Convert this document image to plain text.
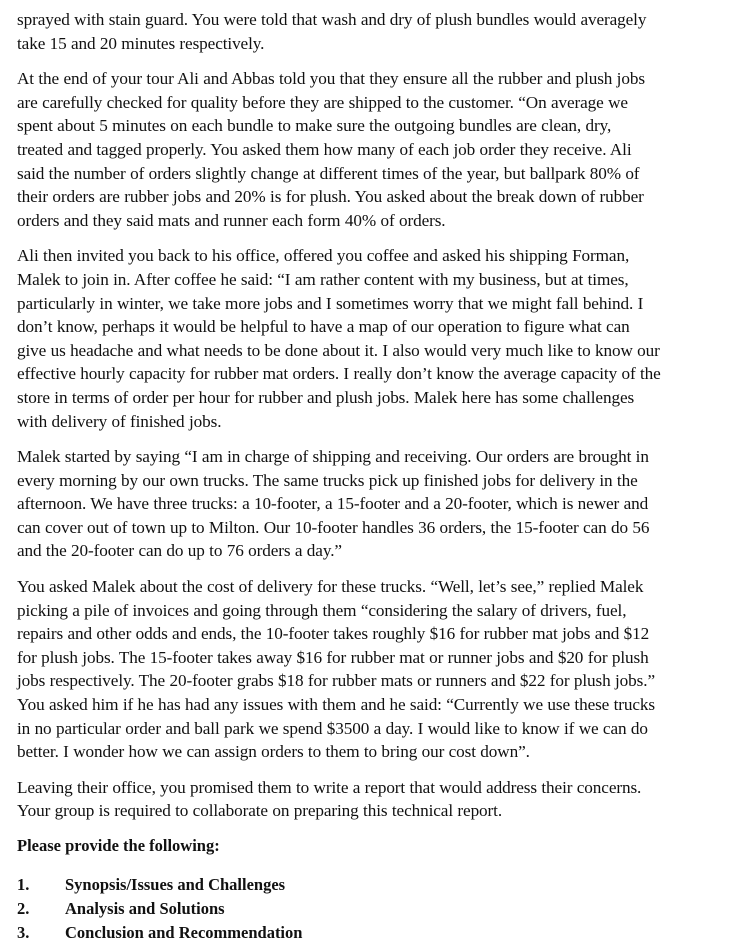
sprayed with stain guard. You were told that wash and dry of plush bundles would averagely
take 15 and 20 minutes respectively.

At the end of your tour Ali and Abbas told you that they ensure all the rubber and plush jobs
are carefully checked for quality before they are shipped to the customer. “On average we
spent about 5 minutes on each bundle to make sure the outgoing bundles are clean, dry,
treated and tagged properly. You asked them how many of each job order they receive. Ali
said the number of orders slightly change at different times of the year, but ballpark 80% of
their orders are rubber jobs and 20% is for plush. You asked about the break down of rubber
orders and they said mats and runner each form 40% of orders.

Ali then invited you back to his office, offered you coffee and asked his shipping Forman,
Malek to join in. After coffee he said: “I am rather content with my business, but at times,
particularly in winter, we take more jobs and I sometimes worry that we might fall behind. I
don’t know, perhaps it would be helpful to have a map of our operation to figure what can
give us headache and what needs to be done about it. I also would very much like to know our
effective hourly capacity for rubber mat orders. I really don’t know the average capacity of the
store in terms of order per hour for rubber and plush jobs. Malek here has some challenges
with delivery of finished jobs.

Malek started by saying “I am in charge of shipping and receiving. Our orders are brought in
every morning by our own trucks. The same trucks pick up finished jobs for delivery in the
afternoon. We have three trucks: a 10-footer, a 15-footer and a 20-footer, which is newer and
can cover out of town up to Milton. Our 10-footer handles 36 orders, the 15-footer can do 56
and the 20-footer can do up to 76 orders a day.”

You asked Malek about the cost of delivery for these trucks. “Well, let’s see,” replied Malek
picking a pile of invoices and going through them “considering the salary of drivers, fuel,
repairs and other odds and ends, the 10-footer takes roughly $16 for rubber mat jobs and $12
for plush jobs. The 15-footer takes away $16 for rubber mat or runner jobs and $20 for plush
jobs respectively. The 20-footer grabs $18 for rubber mats or runners and $22 for plush jobs.”
You asked him if he has had any issues with them and he said: “Currently we use these trucks
in no particular order and ball park we spend $3500 a day. I would like to know if we can do
better. I wonder how we can assign orders to them to bring our cost down”.

Leaving their office, you promised them to write a report that would address their concerns.
Your group is required to collaborate on preparing this technical report.

Please provide the following:

1.	Synopsis/Issues and Challenges
2.	Analysis and Solutions
3.	Conclusion and Recommendation
